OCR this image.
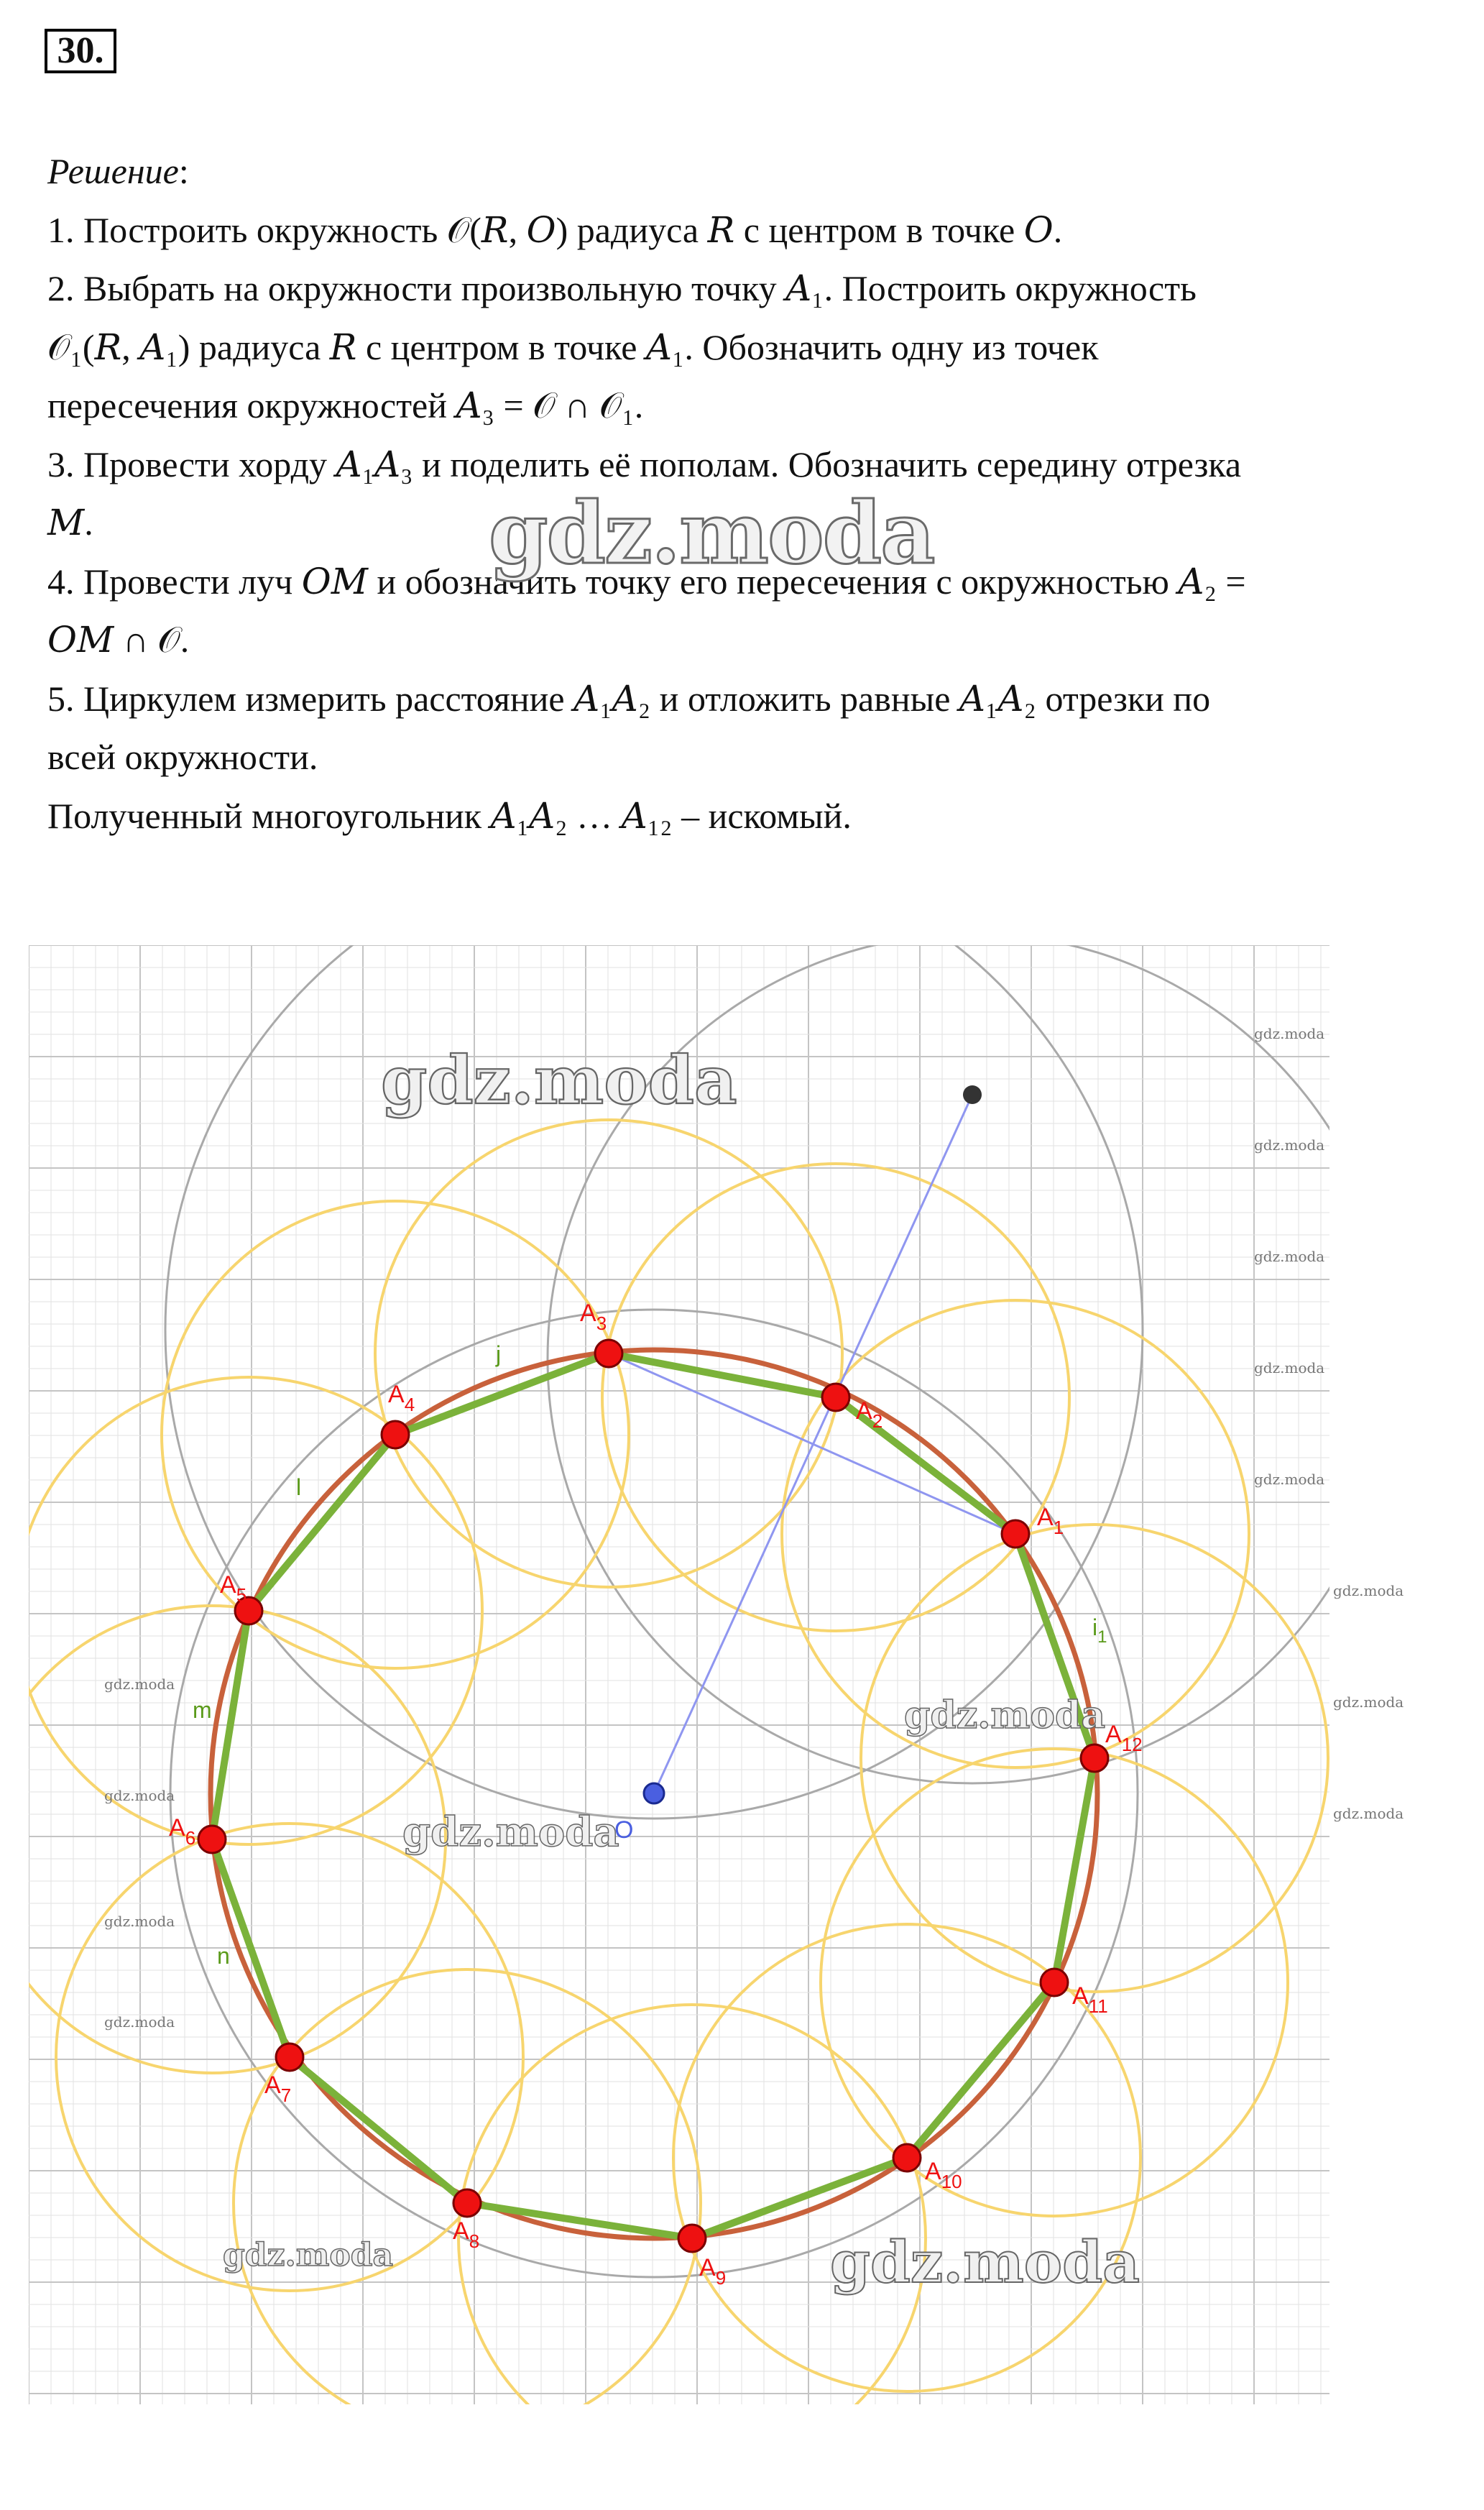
30.

Решение:

1. Построить окружность 𝒪(𝑅, 𝑂) радиуса 𝑅 с центром в точке 𝑂.

2. Выбрать на окружности произвольную точку 𝐴₁. Построить окружность

𝒪₁(𝑅, 𝐴₁) радиуса 𝑅 с центром в точке 𝐴₁. Обозначить одну из точек

пересечения окружностей 𝐴₃ = 𝒪 ∩ 𝒪₁.

3. Провести хорду 𝐴₁𝐴₃ и поделить её пополам. Обозначить середину отрезка

𝑀.

4. Провести луч 𝑂𝑀 и обозначить точку его пересечения с окружностью 𝐴₂ =

𝑂𝑀 ∩ 𝒪.

5. Циркулем измерить расстояние 𝐴₁𝐴₂ и отложить равные 𝐴₁𝐴₂ отрезки по

всей окружности.

Полученный многоугольник 𝐴₁𝐴₂ … 𝐴₁₂ – искомый.

gdz.moda
$A_1$
$A_2$
$A_3$
$A_4$
$A_5$
$A_6$
$A_7$
$A_8$
$A_9$
$A_{10}$
$A_{11}$
$A_{12}$
O
j
l
m
n
$i_1$
gdz.moda
gdz.moda
gdz.moda
gdz.moda	gdz.moda
gdz.moda
gdz.moda
gdz.moda
gdz.moda
gdz.moda
gdz.moda
gdz.moda
gdz.moda
gdz.moda
gdz.moda
gdz.moda
gdz.moda
